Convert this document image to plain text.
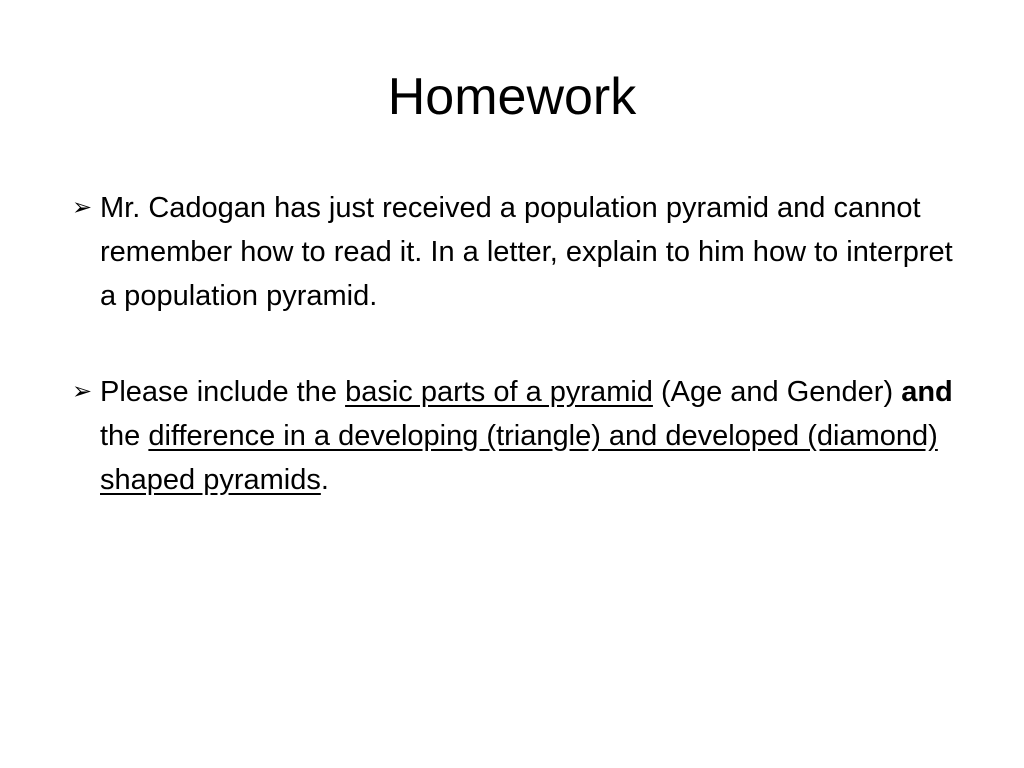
Homework
➢ Mr. Cadogan has just received a population pyramid and cannot remember how to read it. In a letter, explain to him how to interpret a population pyramid.
➢ Please include the basic parts of a pyramid (Age and Gender) and the difference in a developing (triangle) and developed (diamond) shaped pyramids.
